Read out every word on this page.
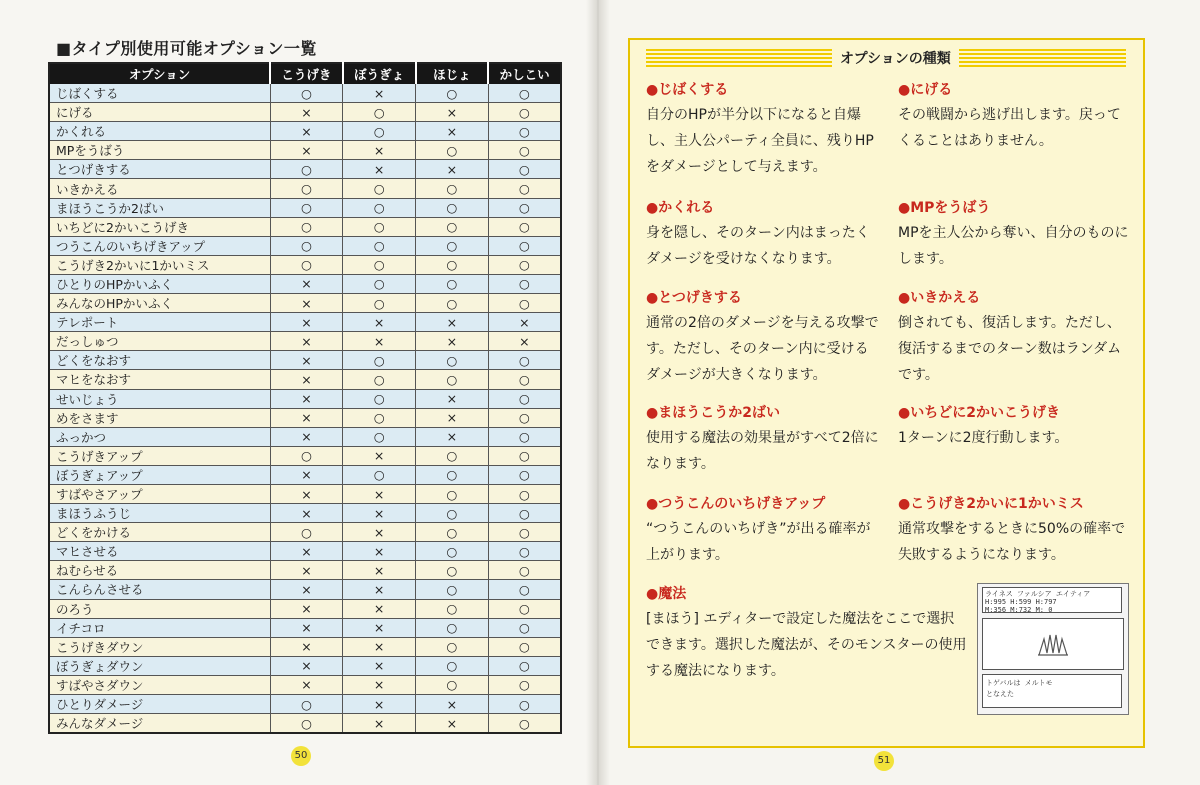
■タイプ別使用可能オプション一覧
オプション	こうげき	ぼうぎょ	ほじょ	かしこい
じばくする	○	×	○	○
にげる	×	○	×	○
かくれる	×	○	×	○
MPをうばう	×	×	○	○
とつげきする	○	×	×	○
いきかえる	○	○	○	○
まほうこうか2ばい	○	○	○	○
いちどに2かいこうげき	○	○	○	○
つうこんのいちげきアップ	○	○	○	○
こうげき2かいに1かいミス	○	○	○	○
ひとりのHPかいふく	×	○	○	○
みんなのHPかいふく	×	○	○	○
テレポート	×	×	×	×
だっしゅつ	×	×	×	×
どくをなおす	×	○	○	○
マヒをなおす	×	○	○	○
せいじょう	×	○	×	○
めをさます	×	○	×	○
ふっかつ	×	○	×	○
こうげきアップ	○	×	○	○
ぼうぎょアップ	×	○	○	○
すばやさアップ	×	×	○	○
まほうふうじ	×	×	○	○
どくをかける	○	×	○	○
マヒさせる	×	×	○	○
ねむらせる	×	×	○	○
こんらんさせる	×	×	○	○
のろう	×	×	○	○
イチコロ	×	×	○	○
こうげきダウン	×	×	○	○
ぼうぎょダウン	×	×	○	○
すばやさダウン	×	×	○	○
ひとりダメージ	○	×	×	○
みんなダメージ	○	×	×	○
50
オプションの種類
●じばくする

自分のHPが半分以下になると自爆し、主人公パーティ全員に、残りHPをダメージとして与えます。

●にげる

その戦闘から逃げ出します。戻ってくることはありません。

●かくれる

身を隠し、そのターン内はまったくダメージを受けなくなります。

●MPをうばう

MPを主人公から奪い、自分のものにします。

●とつげきする

通常の2倍のダメージを与える攻撃です。ただし、そのターン内に受けるダメージが大きくなります。

●いきかえる

倒されても、復活します。ただし、復活するまでのターン数はランダムです。

●まほうこうか2ばい

使用する魔法の効果量がすべて2倍になります。

●いちどに2かいこうげき

1ターンに2度行動します。

●つうこんのいちげきアップ

“つうこんのいちげき”が出る確率が上がります。

●こうげき2かいに1かいミス

通常攻撃をするときに50%の確率で失敗するようになります。

●魔法

[まほう] エディターで設定した魔法をここで選択できます。選択した魔法が、そのモンスターの使用する魔法になります。

ライネス ファルシア エイティア
H:995 H:599 H:797
M:356 M:732 M: 0
トゲバルは メルトモ
となえた
51
